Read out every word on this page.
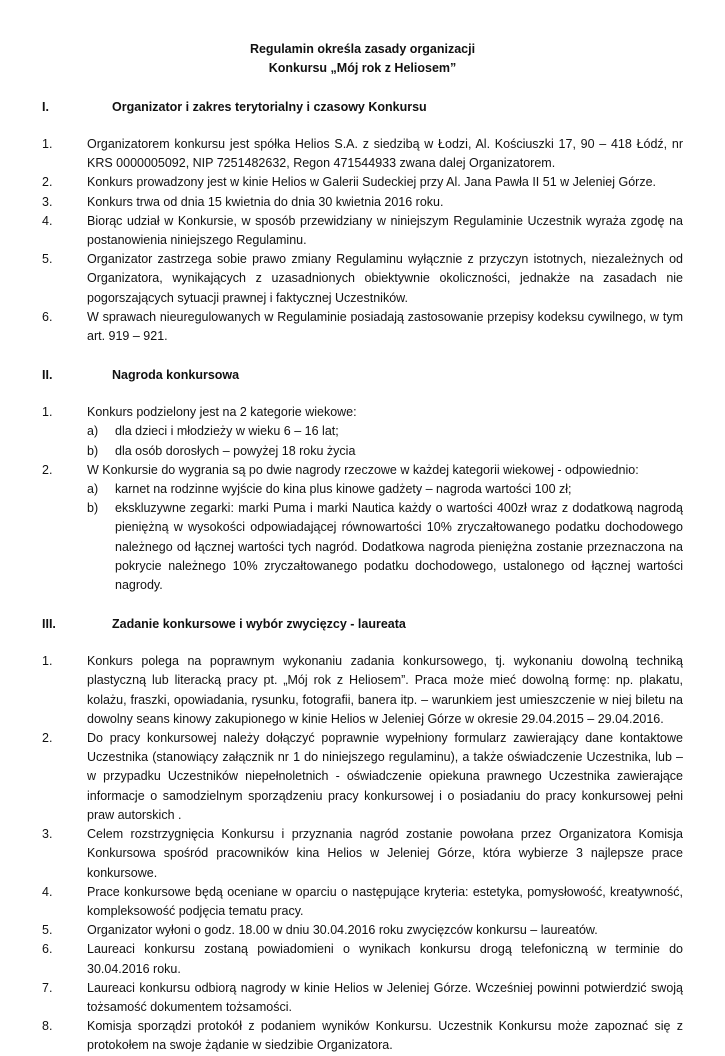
Regulamin określa zasady organizacji
Konkursu „Mój rok z Heliosem”
I.	Organizator i zakres terytorialny i czasowy Konkursu
1.	Organizatorem konkursu jest spółka Helios S.A. z siedzibą w Łodzi, Al. Kościuszki 17, 90 – 418 Łódź, nr KRS 0000005092, NIP 7251482632, Regon 471544933 zwana dalej Organizatorem.
2.	Konkurs prowadzony jest w kinie Helios w Galerii Sudeckiej przy Al. Jana Pawła II 51 w Jeleniej Górze.
3.	Konkurs trwa od dnia 15 kwietnia do dnia 30 kwietnia 2016 roku.
4.	Biorąc udział w Konkursie, w sposób przewidziany w niniejszym Regulaminie Uczestnik wyraża zgodę na postanowienia niniejszego Regulaminu.
5.	Organizator zastrzega sobie prawo zmiany Regulaminu wyłącznie z przyczyn istotnych, niezależnych od Organizatora, wynikających z uzasadnionych obiektywnie okoliczności, jednakże na zasadach nie pogorszających sytuacji prawnej i faktycznej Uczestników.
6.	W sprawach nieuregulowanych w Regulaminie posiadają zastosowanie przepisy kodeksu cywilnego, w tym art. 919 – 921.
II.	Nagroda konkursowa
1.	Konkurs podzielony jest na 2 kategorie wiekowe:
a)	dla dzieci i młodzieży w wieku 6 – 16 lat;
b)	dla osób dorosłych – powyżej 18 roku życia
2.	W Konkursie do wygrania są po dwie nagrody rzeczowe w każdej kategorii wiekowej - odpowiednio:
a)	karnet na rodzinne wyjście do kina plus kinowe gadżety – nagroda wartości 100 zł;
b)	ekskluzywne zegarki: marki Puma i marki Nautica każdy o wartości 400zł wraz z dodatkową nagrodą pieniężną w wysokości odpowiadającej równowartości 10% zryczałtowanego podatku dochodowego należnego od łącznej wartości tych nagród. Dodatkowa nagroda pieniężna zostanie przeznaczona na pokrycie należnego 10% zryczałtowanego podatku dochodowego, ustalonego od łącznej wartości nagrody.
III.	Zadanie konkursowe i wybór zwycięzcy - laureata
1.	Konkurs polega na poprawnym wykonaniu zadania konkursowego, tj. wykonaniu dowolną techniką plastyczną lub literacką pracy pt. „Mój rok z Heliosem”. Praca może mieć dowolną formę: np. plakatu, kolażu, fraszki, opowiadania, rysunku, fotografii, banera itp. – warunkiem jest umieszczenie w niej biletu na dowolny seans kinowy zakupionego w kinie Helios w Jeleniej Górze w okresie 29.04.2015 – 29.04.2016.
2.	Do pracy konkursowej należy dołączyć poprawnie wypełniony formularz zawierający dane kontaktowe Uczestnika (stanowiący załącznik nr 1 do niniejszego regulaminu), a także oświadczenie Uczestnika, lub – w przypadku Uczestników niepełnoletnich - oświadczenie opiekuna prawnego Uczestnika zawierające informacje o samodzielnym sporządzeniu pracy konkursowej i o posiadaniu do pracy konkursowej pełni praw autorskich .
3.	Celem rozstrzygnięcia Konkursu i przyznania nagród zostanie powołana przez Organizatora Komisja Konkursowa spośród pracowników kina Helios w Jeleniej Górze, która wybierze 3 najlepsze prace konkursowe.
4.	Prace konkursowe będą oceniane w oparciu o następujące kryteria: estetyka, pomysłowość, kreatywność, kompleksowość podjęcia tematu pracy.
5.	Organizator wyłoni o godz. 18.00 w dniu 30.04.2016 roku zwycięzców konkursu – laureatów.
6.	Laureaci konkursu zostaną powiadomieni o wynikach konkursu drogą telefoniczną w terminie do 30.04.2016 roku.
7.	Laureaci konkursu odbiorą nagrody w kinie Helios w Jeleniej Górze. Wcześniej powinni potwierdzić swoją tożsamość dokumentem tożsamości.
8.	Komisja sporządzi protokół z podaniem wyników Konkursu. Uczestnik Konkursu może zapoznać się z protokołem na swoje żądanie w siedzibie Organizatora.
